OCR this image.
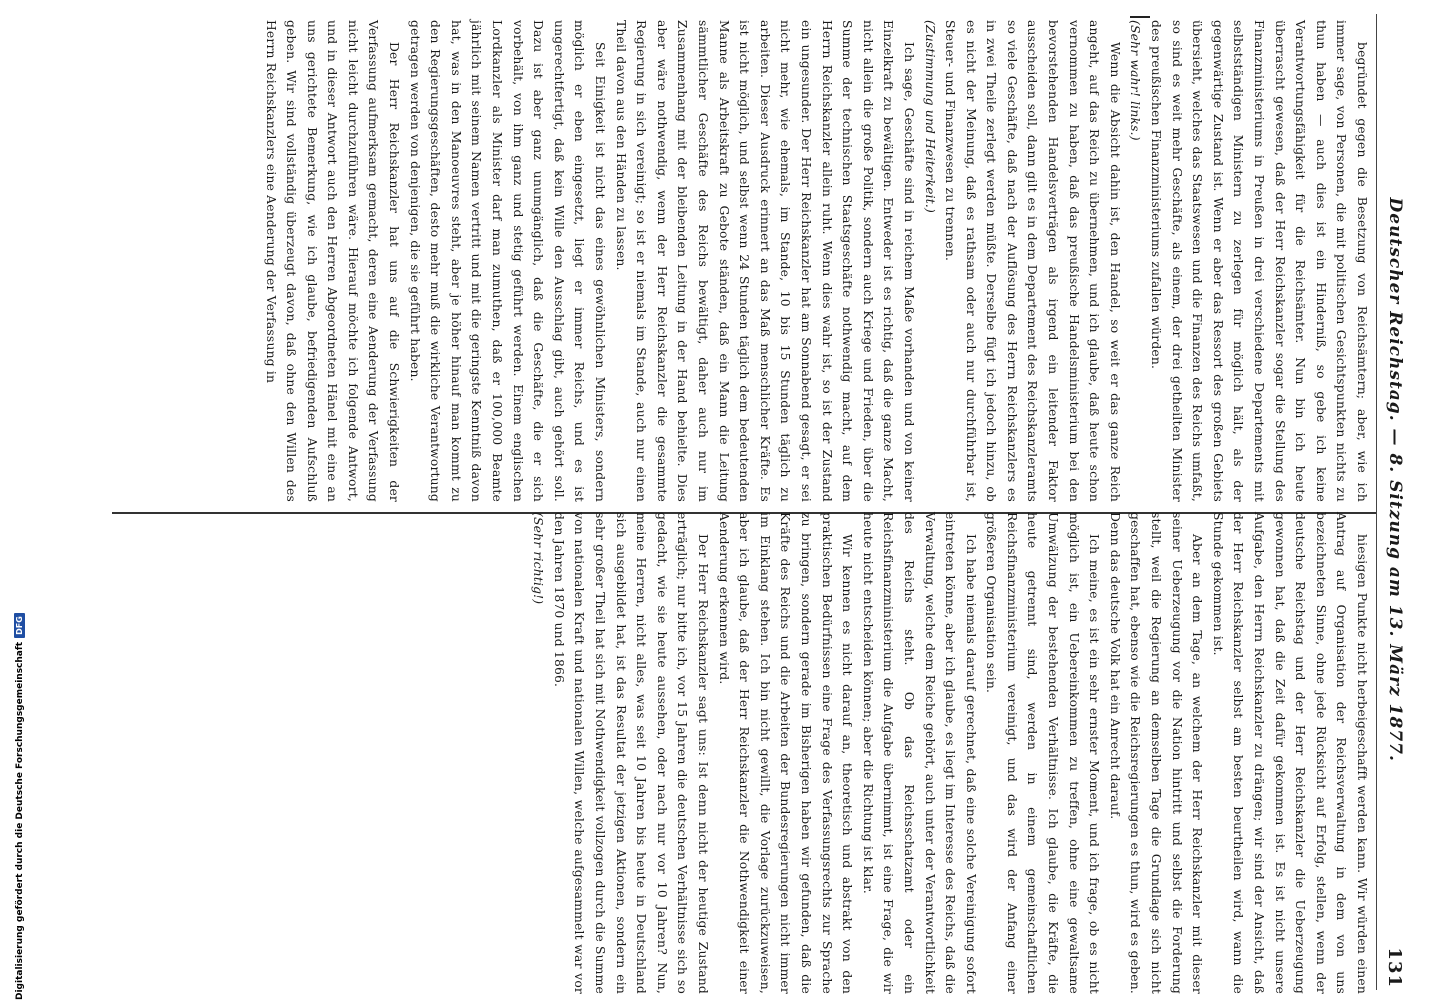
Deutscher Reichstag. — 8. Sitzung am 13. März 1877.
131

hiesigen Punkte nicht herbeigeschafft werden kann. Wir würden einen Antrag auf Organisation der Reichsverwaltung in dem von uns bezeichneten Sinne, ohne jede Rücksicht auf Erfolg, stellen, wenn der deutsche Reichstag und der Herr Reichskanzler die Ueberzeugung gewonnen hat, daß die Zeit dafür gekommen ist. Es ist nicht unsere Aufgabe, den Herrn Reichskanzler zu drängen; wir sind der Ansicht, daß der Herr Reichskanzler selbst am besten beurtheilen wird, wann die Stunde gekommen ist.

Aber an dem Tage, an welchem der Herr Reichskanzler mit dieser seiner Ueberzeugung vor die Nation hintritt und selbst die Forderung stellt, weil die Regierung an demselben Tage die Grundlage sich nicht geschaffen hat, ebenso wie die Reichsregierungen es thun, wird es geben. Denn das deutsche Volk hat ein Anrecht darauf.

Ich meine, es ist ein sehr ernster Moment, und ich frage, ob es nicht möglich ist, ein Uebereinkommen zu treffen, ohne eine gewaltsame Umwälzung der bestehenden Verhältnisse. Ich glaube, die Kräfte, die heute getrennt sind, werden in einem gemeinschaftlichen Reichsfinanzministerium vereinigt, und das wird der Anfang einer größeren Organisation sein.

Ich habe niemals darauf gerechnet, daß eine solche Vereinigung sofort eintreten könne, aber ich glaube, es liegt im Interesse des Reichs, daß die Verwaltung, welche dem Reiche gehört, auch unter der Verantwortlichkeit des Reichs steht. Ob das Reichsschatzamt oder ein Reichsfinanzministerium die Aufgabe übernimmt, ist eine Frage, die wir heute nicht entscheiden können; aber die Richtung ist klar.

Wir kennen es nicht darauf an, theoretisch und abstrakt von den praktischen Bedürfnissen eine Frage des Verfassungsrechts zur Sprache zu bringen, sondern gerade im Bisherigen haben wir gefunden, daß die Kräfte des Reichs und die Arbeiten der Bundesregierungen nicht immer im Einklang stehen. Ich bin nicht gewillt, die Vorlage zurückzuweisen, aber ich glaube, daß der Herr Reichskanzler die Nothwendigkeit einer Aenderung erkennen wird.

Der Herr Reichskanzler sagt uns: Ist denn nicht der heutige Zustand erträglich; nur bitte ich, vor 15 Jahren die deutschen Verhältnisse sich so gedacht, wie sie heute aussehen, oder nach nur vor 10 Jahren? Nun, meine Herren, nicht alles, was seit 10 Jahren bis heute in Deutschland sich ausgebildet hat, ist das Resultat der jetzigen Aktionen, sondern ein sehr großer Theil hat sich mit Nothwendigkeit vollzogen durch die Summe von nationalen Kraft und nationalen Willen, welche aufgesammelt war vor den Jahren 1870 und 1866.

(Sehr richtig!)

begründet gegen die Besetzung von Reichsämtern; aber, wie ich immer sage, von Personen, die mit politischen Gesichtspunkten nichts zu thun haben — auch dies ist ein Hinderniß, so gebe ich keine Verantwortungsfähigkeit für die Reichsämter. Nun bin ich heute überrascht gewesen, daß der Herr Reichskanzler sogar die Stellung des Finanzministeriums in Preußen in drei verschiedene Departements mit selbstständigen Ministern zu zerlegen für möglich hält, als der gegenwärtige Zustand ist. Wenn er aber das Ressort des großen Gebiets übersieht, welches das Staatswesen und die Finanzen des Reichs umfaßt, so sind es weit mehr Geschäfte, als einem, der drei getheilten Minister des preußischen Finanzministeriums zufallen würden.

(Sehr wahr! links.)

Wenn die Absicht dahin ist, den Handel, so weit er das ganze Reich angeht, auf das Reich zu übernehmen, und ich glaube, daß heute schon vernommen zu haben, daß das preußische Handelsministerium bei den bevorstehenden Handelsverträgen als irgend ein leitender Faktor ausscheiden soll, dann gilt es in dem Departement des Reichskanzleramts so viele Geschäfte, daß nach der Auflösung des Herrn Reichskanzlers es in zwei Theile zerlegt werden müßte. Derselbe fügt ich jedoch hinzu, ob es nicht der Meinung, daß es rathsam oder auch nur durchführbar ist, Steuer- und Finanzwesen zu trennen.

(Zustimmung und Heiterkeit.)

Ich sage, Geschäfte sind in reichem Maße vorhanden und von keiner Einzelkraft zu bewältigen. Entweder ist es richtig, daß die ganze Macht, nicht allein die große Politik, sondern auch Kriege und Frieden, über die Summe der technischen Staatsgeschäfte nothwendig macht, auf dem Herrn Reichskanzler allein ruht. Wenn dies wahr ist, so ist der Zustand ein ungesunder. Der Herr Reichskanzler hat am Sonnabend gesagt, er sei nicht mehr, wie ehemals, im Stande, 10 bis 15 Stunden täglich zu arbeiten. Dieser Ausdruck erinnert an das Maß menschlicher Kräfte. Es ist nicht möglich, und selbst wenn 24 Stunden täglich dem bedeutenden Manne als Arbeitskraft zu Gebote ständen, daß ein Mann die Leitung sämmtlicher Geschäfte des Reichs bewältigt, daher auch nur im Zusammenhang mit der bleibenden Leitung in der Hand behielte. Dies aber wäre nothwendig, wenn der Herr Reichskanzler die gesammte Regierung in sich vereinigt; so ist er niemals im Stande, auch nur einen Theil davon aus den Händen zu lassen.

Seit Einigkeit ist nicht das eines gewöhnlichen Ministers, sondern möglich er eben eingesetzt, liegt er immer Reichs, und es ist ungerechtfertigt, daß kein Wille den Ausschlag gibt, auch gehört soll. Dazu ist aber ganz unumgänglich, daß die Geschäfte, die er sich vorbehält, von ihm ganz und stetig geführt werden. Einem englischen Lordkanzler als Minister darf man zumuthen, daß er 100,000 Beamte jährlich mit seinem Namen vertritt und mit die geringste Kenntniß davon hat, was in den Manoeuvres steht, aber je höher hinauf man kommt zu den Regierungsgeschäften, desto mehr muß die wirkliche Verantwortung getragen werden von denjenigen, die sie geführt haben.

Der Herr Reichskanzler hat uns auf die Schwierigkeiten der Verfassung aufmerksam gemacht, deren eine Aenderung der Verfassung nicht leicht durchzuführen wäre. Hierauf möchte ich folgende Antwort, und in dieser Antwort auch den Herren Abgeordneten Hänel mit eine an uns gerichtete Bemerkung, wie ich glaube, befriedigenden Aufschluß geben. Wir sind vollständig überzeugt davon, daß ohne den Willen des Herrn Reichskanzlers eine Aenderung der Verfassung in

Digitalisierung gefördert durch die Deutsche ForschungsgemeinschaftDFG
